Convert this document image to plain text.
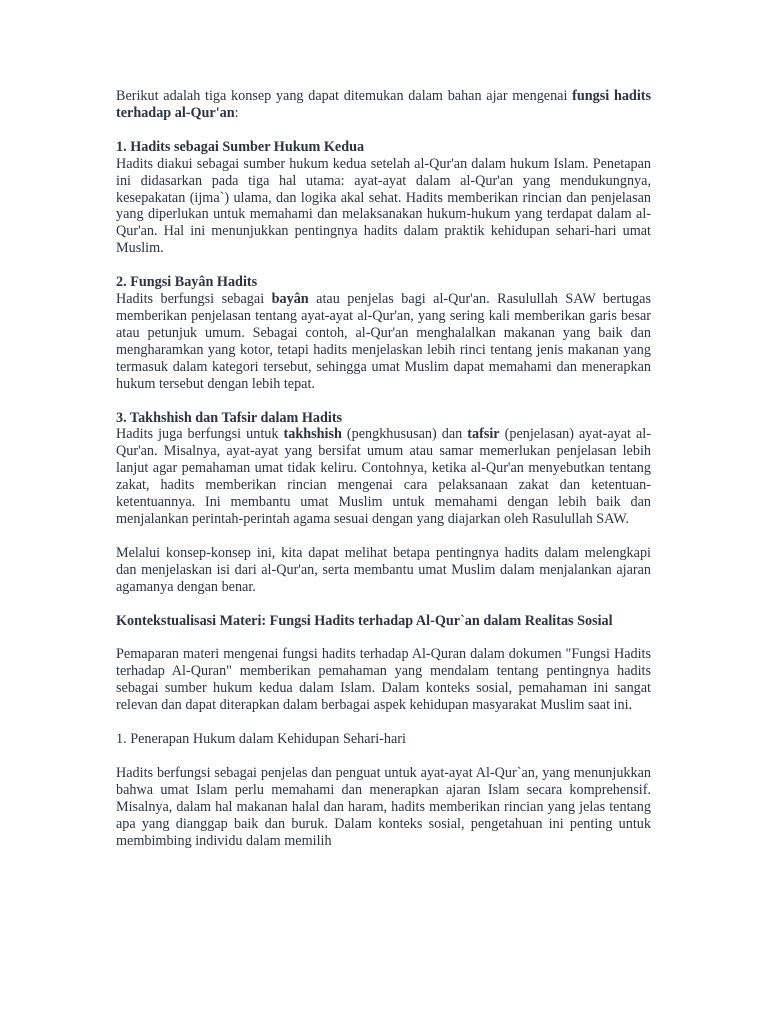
Berikut adalah tiga konsep yang dapat ditemukan dalam bahan ajar mengenai fungsi hadits terhadap al-Qur'an:

1. Hadits sebagai Sumber Hukum Kedua

Hadits diakui sebagai sumber hukum kedua setelah al-Qur'an dalam hukum Islam. Penetapan ini didasarkan pada tiga hal utama: ayat-ayat dalam al-Qur'an yang mendukungnya, kesepakatan (ijma`) ulama, dan logika akal sehat. Hadits memberikan rincian dan penjelasan yang diperlukan untuk memahami dan melaksanakan hukum-hukum yang terdapat dalam al-Qur'an. Hal ini menunjukkan pentingnya hadits dalam praktik kehidupan sehari-hari umat Muslim.

2. Fungsi Bayân Hadits

Hadits berfungsi sebagai bayân atau penjelas bagi al-Qur'an. Rasulullah SAW bertugas memberikan penjelasan tentang ayat-ayat al-Qur'an, yang sering kali memberikan garis besar atau petunjuk umum. Sebagai contoh, al-Qur'an menghalalkan makanan yang baik dan mengharamkan yang kotor, tetapi hadits menjelaskan lebih rinci tentang jenis makanan yang termasuk dalam kategori tersebut, sehingga umat Muslim dapat memahami dan menerapkan hukum tersebut dengan lebih tepat.

3. Takhshish dan Tafsir dalam Hadits

Hadits juga berfungsi untuk takhshish (pengkhususan) dan tafsir (penjelasan) ayat-ayat al-Qur'an. Misalnya, ayat-ayat yang bersifat umum atau samar memerlukan penjelasan lebih lanjut agar pemahaman umat tidak keliru. Contohnya, ketika al-Qur'an menyebutkan tentang zakat, hadits memberikan rincian mengenai cara pelaksanaan zakat dan ketentuan-ketentuannya. Ini membantu umat Muslim untuk memahami dengan lebih baik dan menjalankan perintah-perintah agama sesuai dengan yang diajarkan oleh Rasulullah SAW.

Melalui konsep-konsep ini, kita dapat melihat betapa pentingnya hadits dalam melengkapi dan menjelaskan isi dari al-Qur'an, serta membantu umat Muslim dalam menjalankan ajaran agamanya dengan benar.

Kontekstualisasi Materi: Fungsi Hadits terhadap Al-Qur`an dalam Realitas Sosial

Pemaparan materi mengenai fungsi hadits terhadap Al-Quran dalam dokumen "Fungsi Hadits terhadap Al-Quran" memberikan pemahaman yang mendalam tentang pentingnya hadits sebagai sumber hukum kedua dalam Islam. Dalam konteks sosial, pemahaman ini sangat relevan dan dapat diterapkan dalam berbagai aspek kehidupan masyarakat Muslim saat ini.

1. Penerapan Hukum dalam Kehidupan Sehari-hari

Hadits berfungsi sebagai penjelas dan penguat untuk ayat-ayat Al-Qur`an, yang menunjukkan bahwa umat Islam perlu memahami dan menerapkan ajaran Islam secara komprehensif. Misalnya, dalam hal makanan halal dan haram, hadits memberikan rincian yang jelas tentang apa yang dianggap baik dan buruk. Dalam konteks sosial, pengetahuan ini penting untuk membimbing individu dalam memilih
